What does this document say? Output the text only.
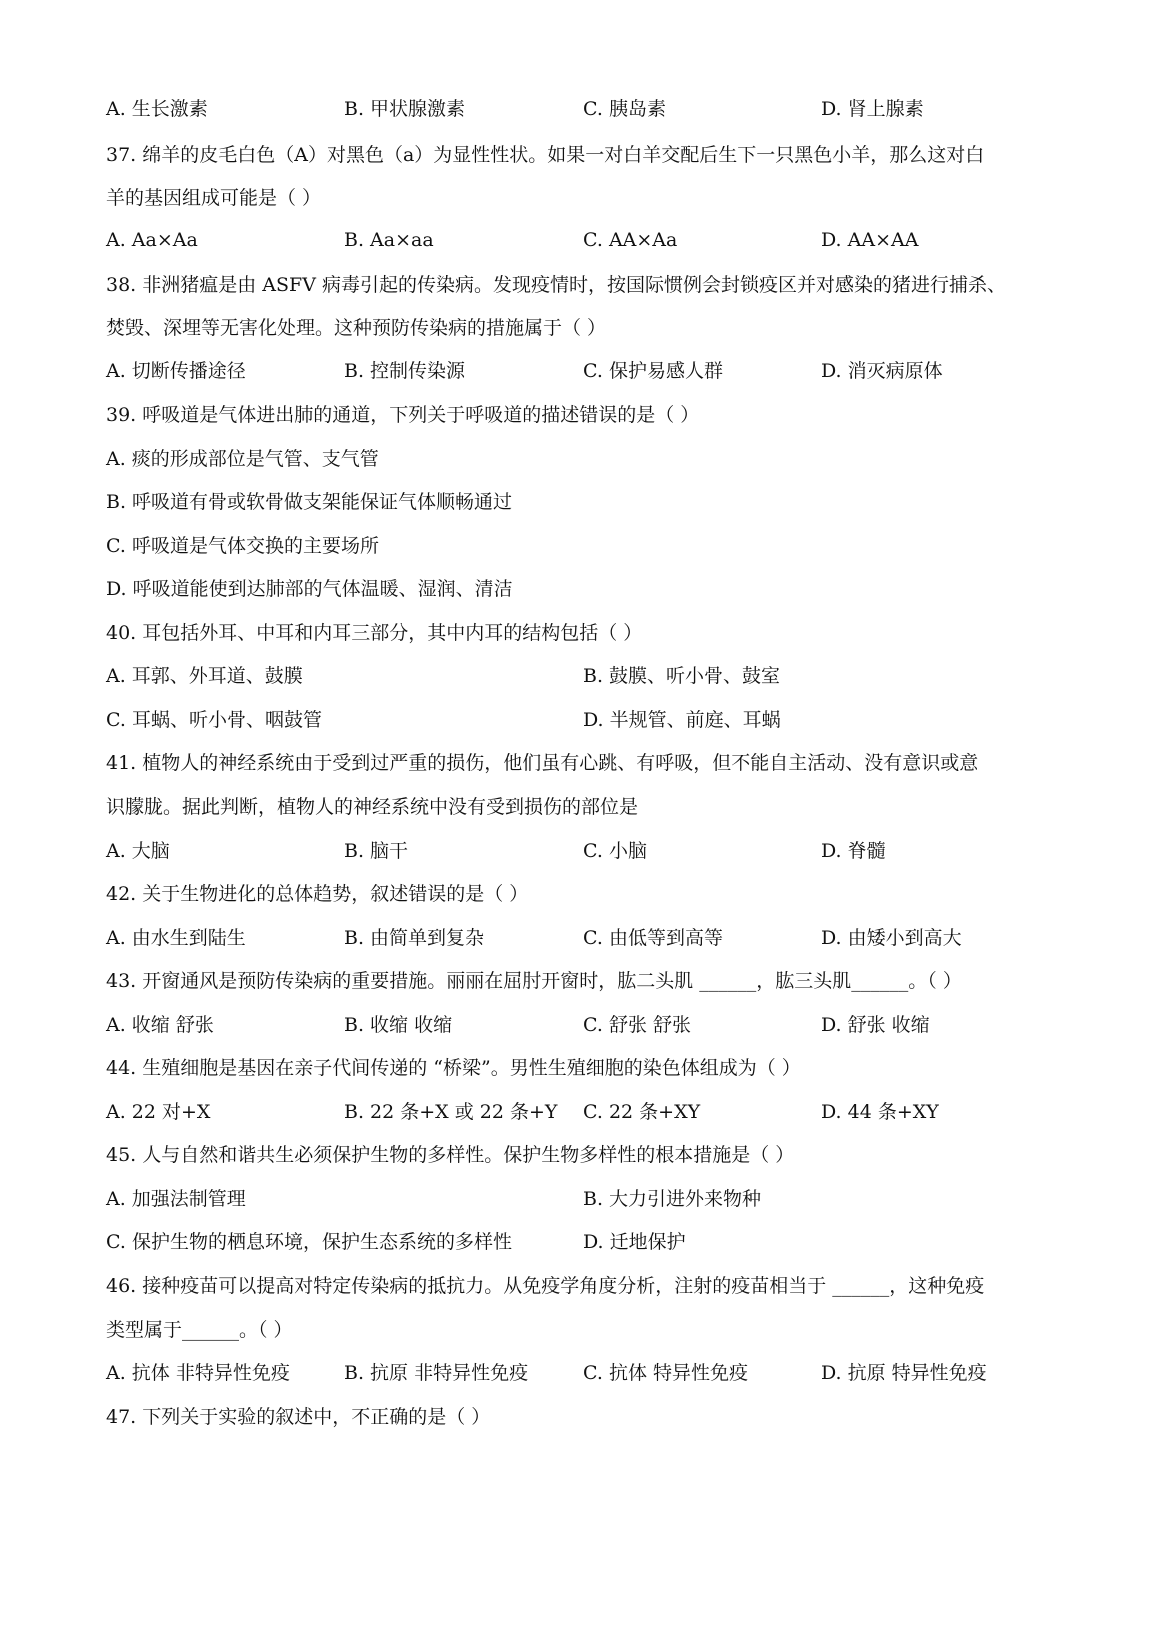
A. 生长激素	B. 甲状腺激素	C. 胰岛素	D. 肾上腺素
37. 绵羊的皮毛白色（A）对黑色（a）为显性性状。如果一对白羊交配后生下一只黑色小羊，那么这对白
羊的基因组成可能是（ ）
A. Aa×Aa	B. Aa×aa	C. AA×Aa	D. AA×AA
38. 非洲猪瘟是由 ASFV 病毒引起的传染病。发现疫情时，按国际惯例会封锁疫区并对感染的猪进行捕杀、
焚毁、深埋等无害化处理。这种预防传染病的措施属于（ ）
A. 切断传播途径	B. 控制传染源	C. 保护易感人群	D. 消灭病原体
39. 呼吸道是气体进出肺的通道，下列关于呼吸道的描述错误的是（ ）
A. 痰的形成部位是气管、支气管
B. 呼吸道有骨或软骨做支架能保证气体顺畅通过
C. 呼吸道是气体交换的主要场所
D. 呼吸道能使到达肺部的气体温暖、湿润、清洁
40. 耳包括外耳、中耳和内耳三部分，其中内耳的结构包括（ ）
A. 耳郭、外耳道、鼓膜	B. 鼓膜、听小骨、鼓室
C. 耳蜗、听小骨、咽鼓管	D. 半规管、前庭、耳蜗
41. 植物人的神经系统由于受到过严重的损伤，他们虽有心跳、有呼吸，但不能自主活动、没有意识或意
识朦胧。据此判断，植物人的神经系统中没有受到损伤的部位是
A. 大脑	B. 脑干	C. 小脑	D. 脊髓
42. 关于生物进化的总体趋势，叙述错误的是（ ）
A. 由水生到陆生	B. 由简单到复杂	C. 由低等到高等	D. 由矮小到高大
43. 开窗通风是预防传染病的重要措施。丽丽在屈肘开窗时，肱二头肌 ______，肱三头肌______。（ ）
A. 收缩 舒张	B. 收缩 收缩	C. 舒张 舒张	D. 舒张 收缩
44. 生殖细胞是基因在亲子代间传递的 “桥梁”。男性生殖细胞的染色体组成为（ ）
A. 22 对+X	B. 22 条+X 或 22 条+Y C. 22 条+XY	D. 44 条+XY
45. 人与自然和谐共生必须保护生物的多样性。保护生物多样性的根本措施是（ ）
A. 加强法制管理	B. 大力引进外来物种
C. 保护生物的栖息环境，保护生态系统的多样性	D. 迁地保护
46. 接种疫苗可以提高对特定传染病的抵抗力。从免疫学角度分析，注射的疫苗相当于 ______，这种免疫
类型属于______。（ ）
A. 抗体 非特异性免疫	B. 抗原 非特异性免疫	C. 抗体 特异性免疫	D. 抗原 特异性免疫
47. 下列关于实验的叙述中，不正确的是（ ）
